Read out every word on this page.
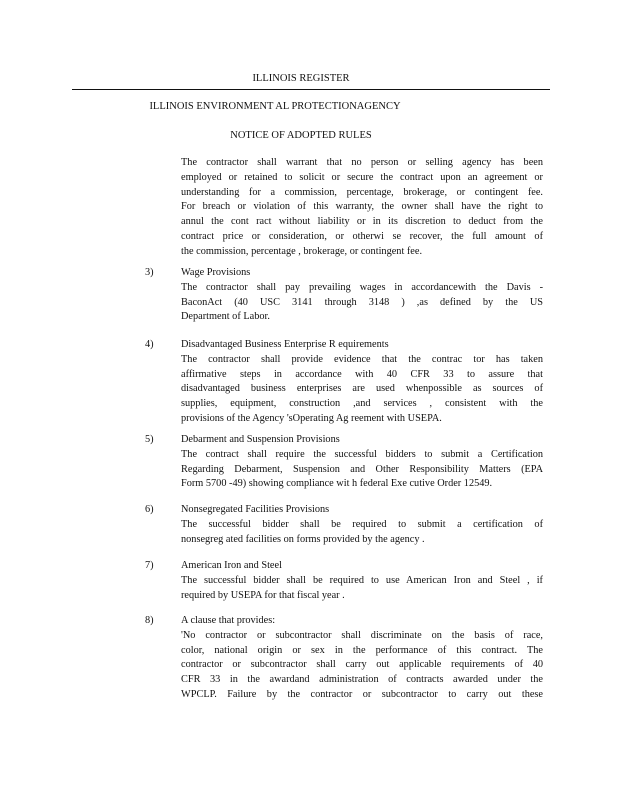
ILLINOIS REGISTER
ILLINOIS ENVIRONMENT AL PROTECTIONAGENCY
NOTICE OF ADOPTED RULES

The contractor shall warrant that no person or selling agency has been

employed or retained to solicit or secure the contract upon an agreement or

understanding for a commission, percentage, brokerage, or contingent fee.

For breach or violation of this warranty, the owner shall have the right to

annul the cont ract without liability or in its discretion to deduct from the

contract price or consideration, or otherwi se recover, the full amount of

the commission, percentage , brokerage, or contingent fee.

3)	Wage Provisions

The contractor shall pay prevailing wages in accordancewith the Davis -

BaconAct (40 USC 3141 through 3148 ) ,as defined by the US

Department of Labor.

4)	Disadvantaged Business Enterprise R equirements

The contractor shall provide evidence that the contrac tor has taken

affirmative steps in accordance with 40 CFR 33 to assure that

disadvantaged business enterprises are used whenpossible as sources of

supplies, equipment, construction ,and services , consistent with the

provisions of the Agency 'sOperating Ag reement with USEPA.

5)	Debarment and Suspension Provisions

The contract shall require the successful bidders to submit a Certification

Regarding Debarment, Suspension and Other Responsibility Matters (EPA

Form 5700 -49) showing compliance wit h federal Exe cutive Order 12549.

6)	Nonsegregated Facilities Provisions

The successful bidder shall be required to submit a certification of

nonsegreg ated facilities on forms provided by the agency .

7)	American Iron and Steel

The successful bidder shall be required to use American Iron and Steel , if

required by USEPA for that fiscal year .

8)	A clause that provides:

'No contractor or subcontractor shall discriminate on the basis of race,

color, national origin or sex in the performance of this contract. The

contractor or subcontractor shall carry out applicable requirements of 40

CFR 33 in the awardand administration of contracts awarded under the

WPCLP. Failure by the contractor or subcontractor to carry out these
